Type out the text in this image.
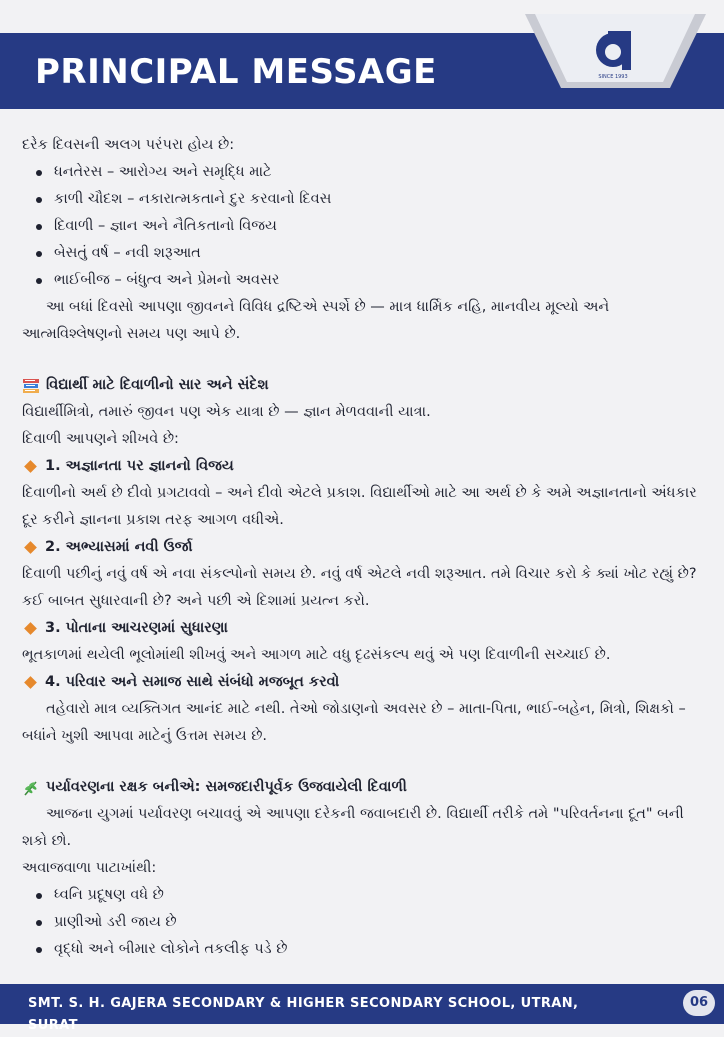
PRINCIPAL MESSAGE	SINCE 1993

દરેક દિવસની અલગ પરંપરા હોય છે:

ધનતેરસ – આરોગ્ય અને સમૃદ્ધિ માટે
કાળી ચૌદશ – નકારાત્મકતાને દુર કરવાનો દિવસ
દિવાળી – જ્ઞાન અને નૈતિકતાનો વિજય
બેસતું વર્ષ – નવી શરૂઆત
ભાઈબીજ – બંધુત્વ અને પ્રેમનો અવસર

આ બધાં દિવસો આપણા જીવનને વિવિધ દ્રષ્ટિએ સ્પર્શે છે — માત્ર ધાર્મિક નહિ, માનવીય મૂલ્યો અને આત્મવિશ્લેષણનો સમય પણ આપે છે.

વિદ્યાર્થી માટે દિવાળીનો સાર અને સંદેશ

વિદ્યાર્થીમિત્રો, તમારું જીવન પણ એક યાત્રા છે — જ્ઞાન મેળવવાની યાત્રા.

દિવાળી આપણને શીખવે છે:

1. અજ્ઞાનતા પર જ્ઞાનનો વિજય

દિવાળીનો અર્થ છે દીવો પ્રગટાવવો – અને દીવો એટલે પ્રકાશ. વિદ્યાર્થીઓ માટે આ અર્થ છે કે અમે અજ્ઞાનતાનો અંધકાર દૂર કરીને જ્ઞાનના પ્રકાશ તરફ આગળ વધીએ.

2. અભ્યાસમાં નવી ઉર્જા

દિવાળી પછીનું નવું વર્ષ એ નવા સંકલ્પોનો સમય છે. નવું વર્ષ એટલે નવી શરૂઆત. તમે વિચાર કરો કે ક્યાં ખોટ રહ્યું છે? કઈ બાબત સુધારવાની છે? અને પછી એ દિશામાં પ્રયત્ન કરો.

3. પોતાના આચરણમાં સુધારણા

ભૂતકાળમાં થયેલી ભૂલોમાંથી શીખવું અને આગળ માટે વધુ દૃઢસંકલ્પ થવું એ પણ દિવાળીની સચ્ચાઈ છે.

4. પરિવાર અને સમાજ સાથે સંબંધો મજબૂત કરવો

તહેવારો માત્ર વ્યક્તિગત આનંદ માટે નથી. તેઓ જોડાણનો અવસર છે – માતા-પિતા, ભાઈ-બહેન, મિત્રો, શિક્ષકો – બધાંને ખુશી આપવા માટેનું ઉત્તમ સમય છે.

પર્યાવરણના રક્ષક બનીએ: સમજદારીપૂર્વક ઉજવાયેલી દિવાળી

આજના યુગમાં પર્યાવરણ બચાવવું એ આપણા દરેકની જવાબદારી છે. વિદ્યાર્થી તરીકે તમે "પરિવર્તનના દૂત" બની શકો છો.

અવાજવાળા પાટાખાંથી:

ધ્વનિ પ્રદૂષણ વધે છે
પ્રાણીઓ ડરી જાય છે
વૃદ્ધો અને બીમાર લોકોને તકલીફ પડે છે
SMT. S. H. GAJERA SECONDARY & HIGHER SECONDARY SCHOOL, UTRAN, SURAT
06
